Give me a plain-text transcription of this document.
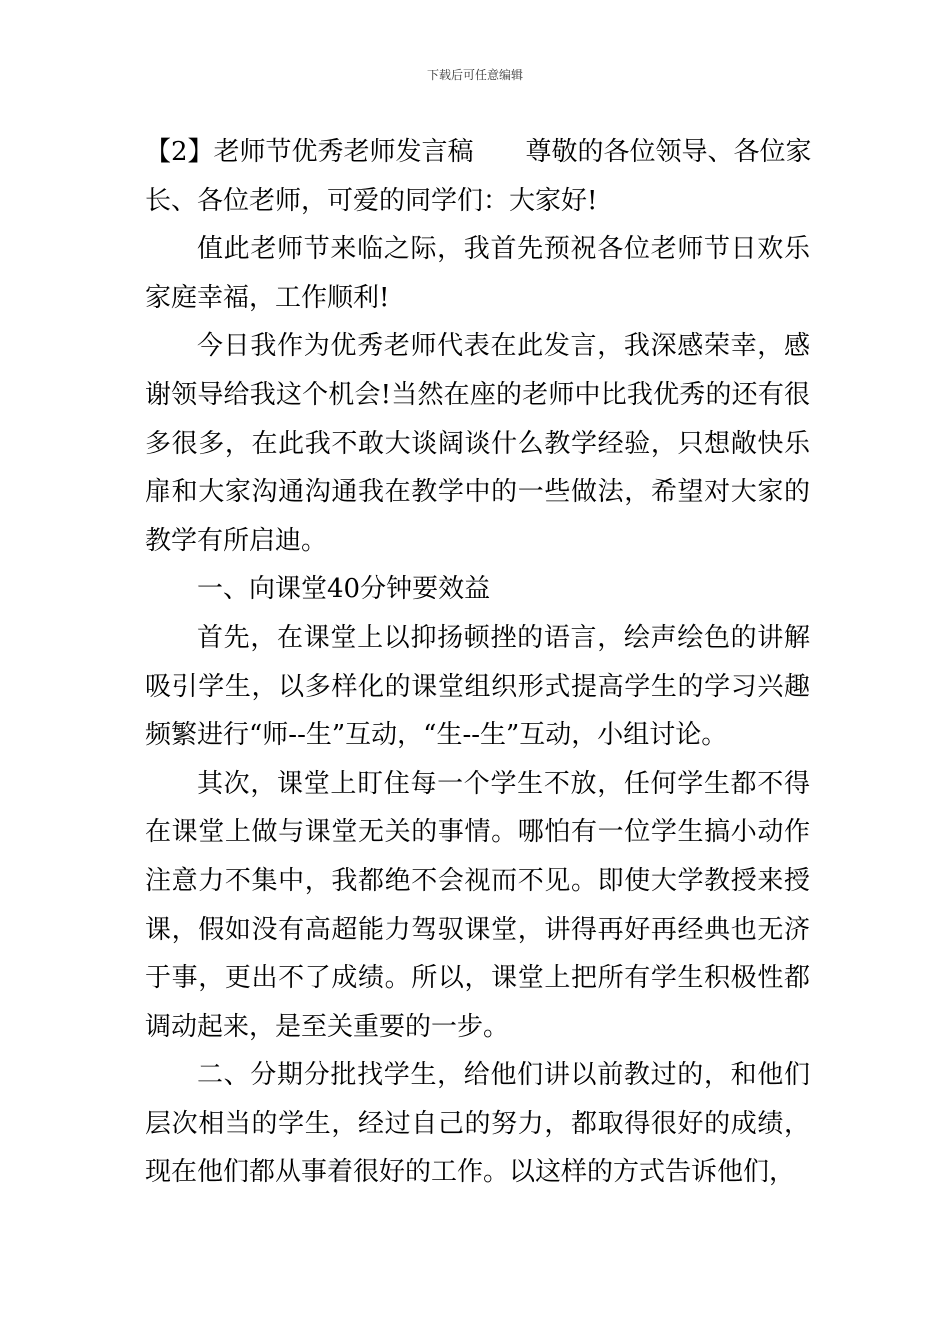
下载后可任意编辑

【2】老师节优秀老师发言稿　　尊敬的各位领导、各位家
长、各位老师，可爱的同学们：大家好!

值此老师节来临之际，我首先预祝各位老师节日欢乐家庭幸福，工作顺利!

今日我作为优秀老师代表在此发言，我深感荣幸，感谢领导给我这个机会!当然在座的老师中比我优秀的还有很多很多，在此我不敢大谈阔谈什么教学经验，只想敞快乐扉和大家沟通沟通我在教学中的一些做法，希望对大家的教学有所启迪。

一、向课堂40分钟要效益

首先，在课堂上以抑扬顿挫的语言，绘声绘色的讲解吸引学生，以多样化的课堂组织形式提高学生的学习兴趣频繁进行“师--生”互动，“生--生”互动，小组讨论。

其次，课堂上盯住每一个学生不放，任何学生都不得在课堂上做与课堂无关的事情。哪怕有一位学生搞小动作注意力不集中，我都绝不会视而不见。即使大学教授来授课，假如没有高超能力驾驭课堂，讲得再好再经典也无济于事，更出不了成绩。所以，课堂上把所有学生积极性都调动起来，是至关重要的一步。

二、分期分批找学生，给他们讲以前教过的，和他们层次相当的学生，经过自己的努力，都取得很好的成绩，现在他们都从事着很好的工作。以这样的方式告诉他们，
